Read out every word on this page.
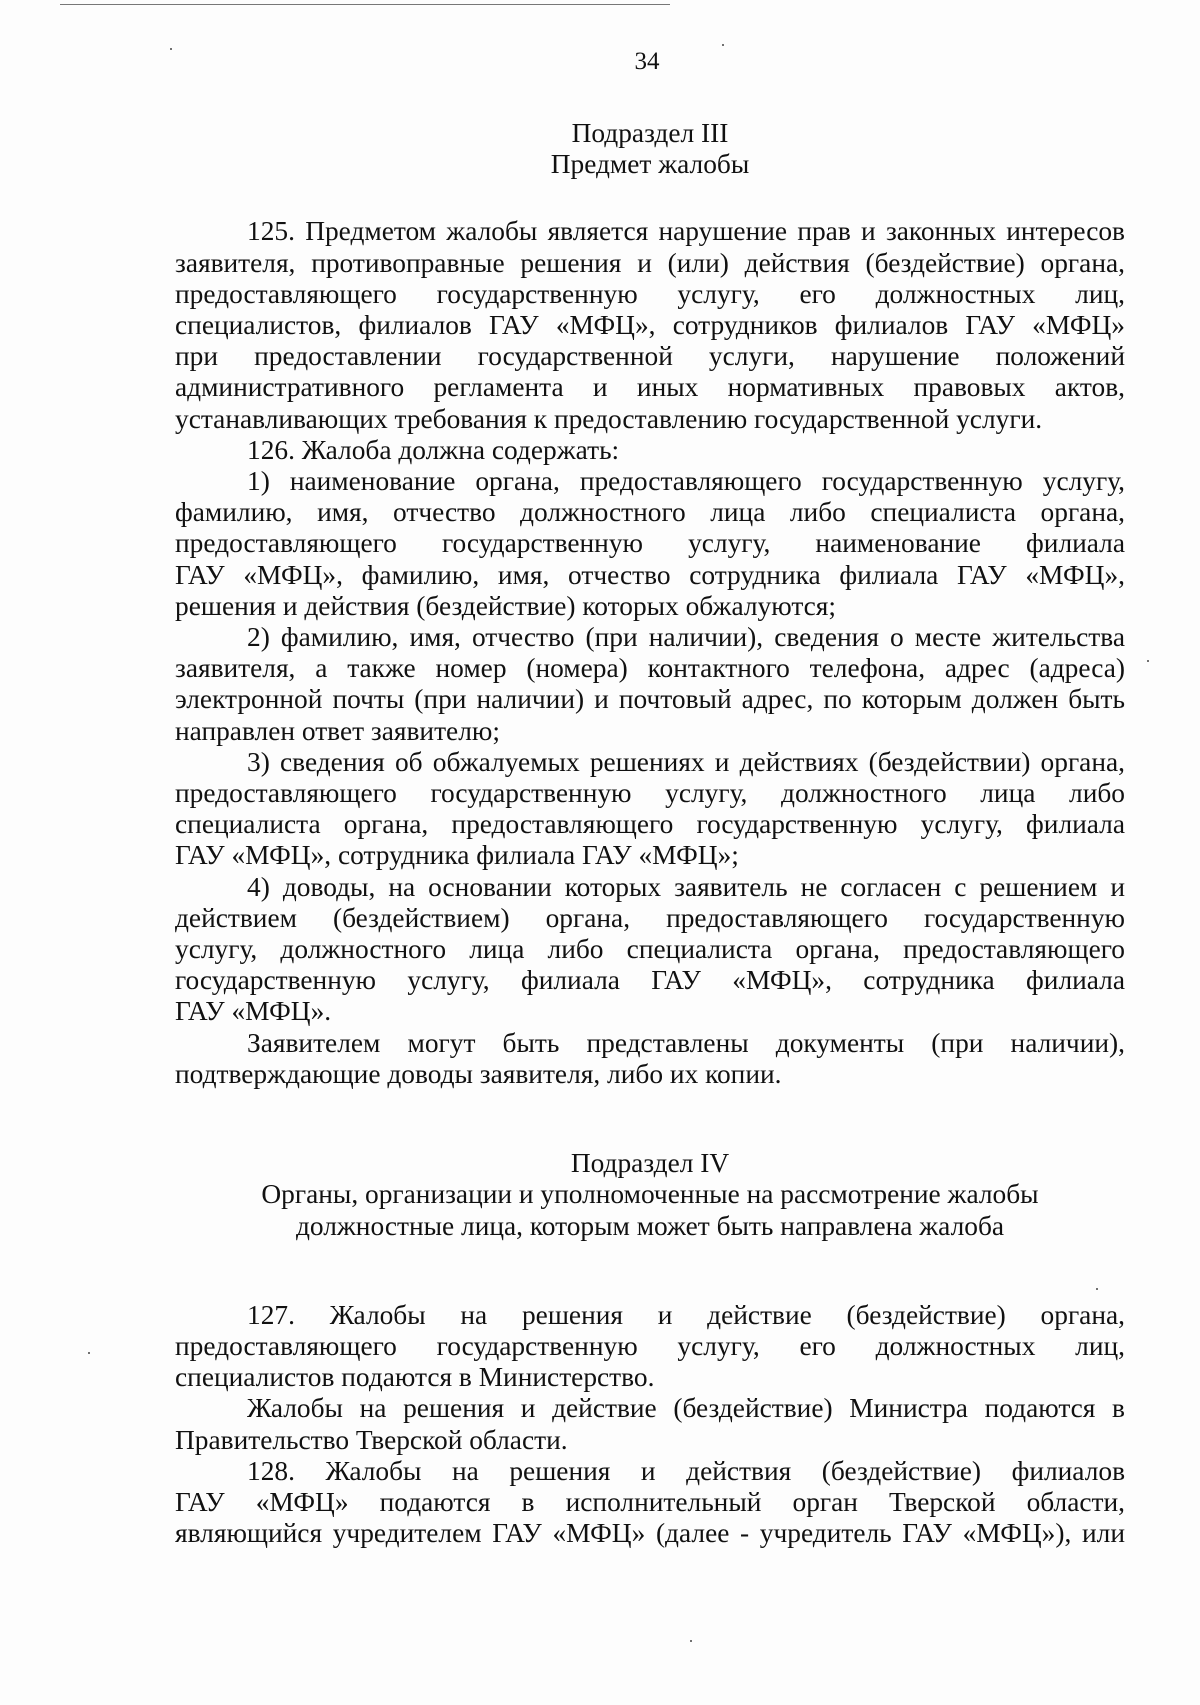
34
Подраздел III
Предмет жалобы
125. Предметом жалобы является нарушение прав и законных интересов
заявителя, противоправные решения и (или) действия (бездействие) органа,
предоставляющего государственную услугу, его должностных лиц,
специалистов, филиалов ГАУ «МФЦ», сотрудников филиалов ГАУ «МФЦ»
при предоставлении государственной услуги, нарушение положений
административного регламента и иных нормативных правовых актов,
устанавливающих требования к предоставлению государственной услуги.
126. Жалоба должна содержать:
1) наименование органа, предоставляющего государственную услугу,
фамилию, имя, отчество должностного лица либо специалиста органа,
предоставляющего государственную услугу, наименование филиала
ГАУ «МФЦ», фамилию, имя, отчество сотрудника филиала ГАУ «МФЦ»,
решения и действия (бездействие) которых обжалуются;
2) фамилию, имя, отчество (при наличии), сведения о месте жительства
заявителя, а также номер (номера) контактного телефона, адрес (адреса)
электронной почты (при наличии) и почтовый адрес, по которым должен быть
направлен ответ заявителю;
3) сведения об обжалуемых решениях и действиях (бездействии) органа,
предоставляющего государственную услугу, должностного лица либо
специалиста органа, предоставляющего государственную услугу, филиала
ГАУ «МФЦ», сотрудника филиала ГАУ «МФЦ»;
4) доводы, на основании которых заявитель не согласен с решением и
действием (бездействием) органа, предоставляющего государственную
услугу, должностного лица либо специалиста органа, предоставляющего
государственную услугу, филиала ГАУ «МФЦ», сотрудника филиала
ГАУ «МФЦ».
Заявителем могут быть представлены документы (при наличии),
подтверждающие доводы заявителя, либо их копии.
Подраздел IV
Органы, организации и уполномоченные на рассмотрение жалобы
должностные лица, которым может быть направлена жалоба
127. Жалобы на решения и действие (бездействие) органа,
предоставляющего государственную услугу, его должностных лиц,
специалистов подаются в Министерство.
Жалобы на решения и действие (бездействие) Министра подаются в
Правительство Тверской области.
128. Жалобы на решения и действия (бездействие) филиалов
ГАУ «МФЦ» подаются в исполнительный орган Тверской области,
являющийся учредителем ГАУ «МФЦ» (далее - учредитель ГАУ «МФЦ»), или
